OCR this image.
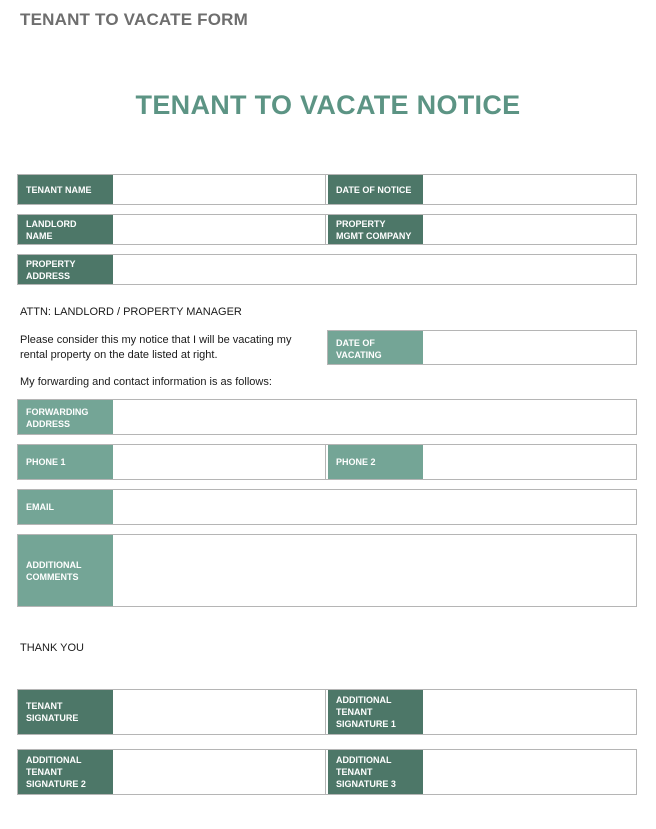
TENANT TO VACATE FORM
TENANT TO VACATE NOTICE
TENANT NAME	DATE OF NOTICE
LANDLORD NAME
PROPERTY MGMT COMPANY
PROPERTY ADDRESS
ATTN: LANDLORD / PROPERTY MANAGER
Please consider this my notice that I will be vacating my
rental property on the date listed at right.
DATE OF VACATING
My forwarding and contact information is as follows:
FORWARDING ADDRESS
PHONE 1	PHONE 2
EMAIL
ADDITIONAL COMMENTS
THANK YOU
TENANT SIGNATURE
ADDITIONAL TENANT SIGNATURE 1
ADDITIONAL TENANT SIGNATURE 2
ADDITIONAL TENANT SIGNATURE 3
